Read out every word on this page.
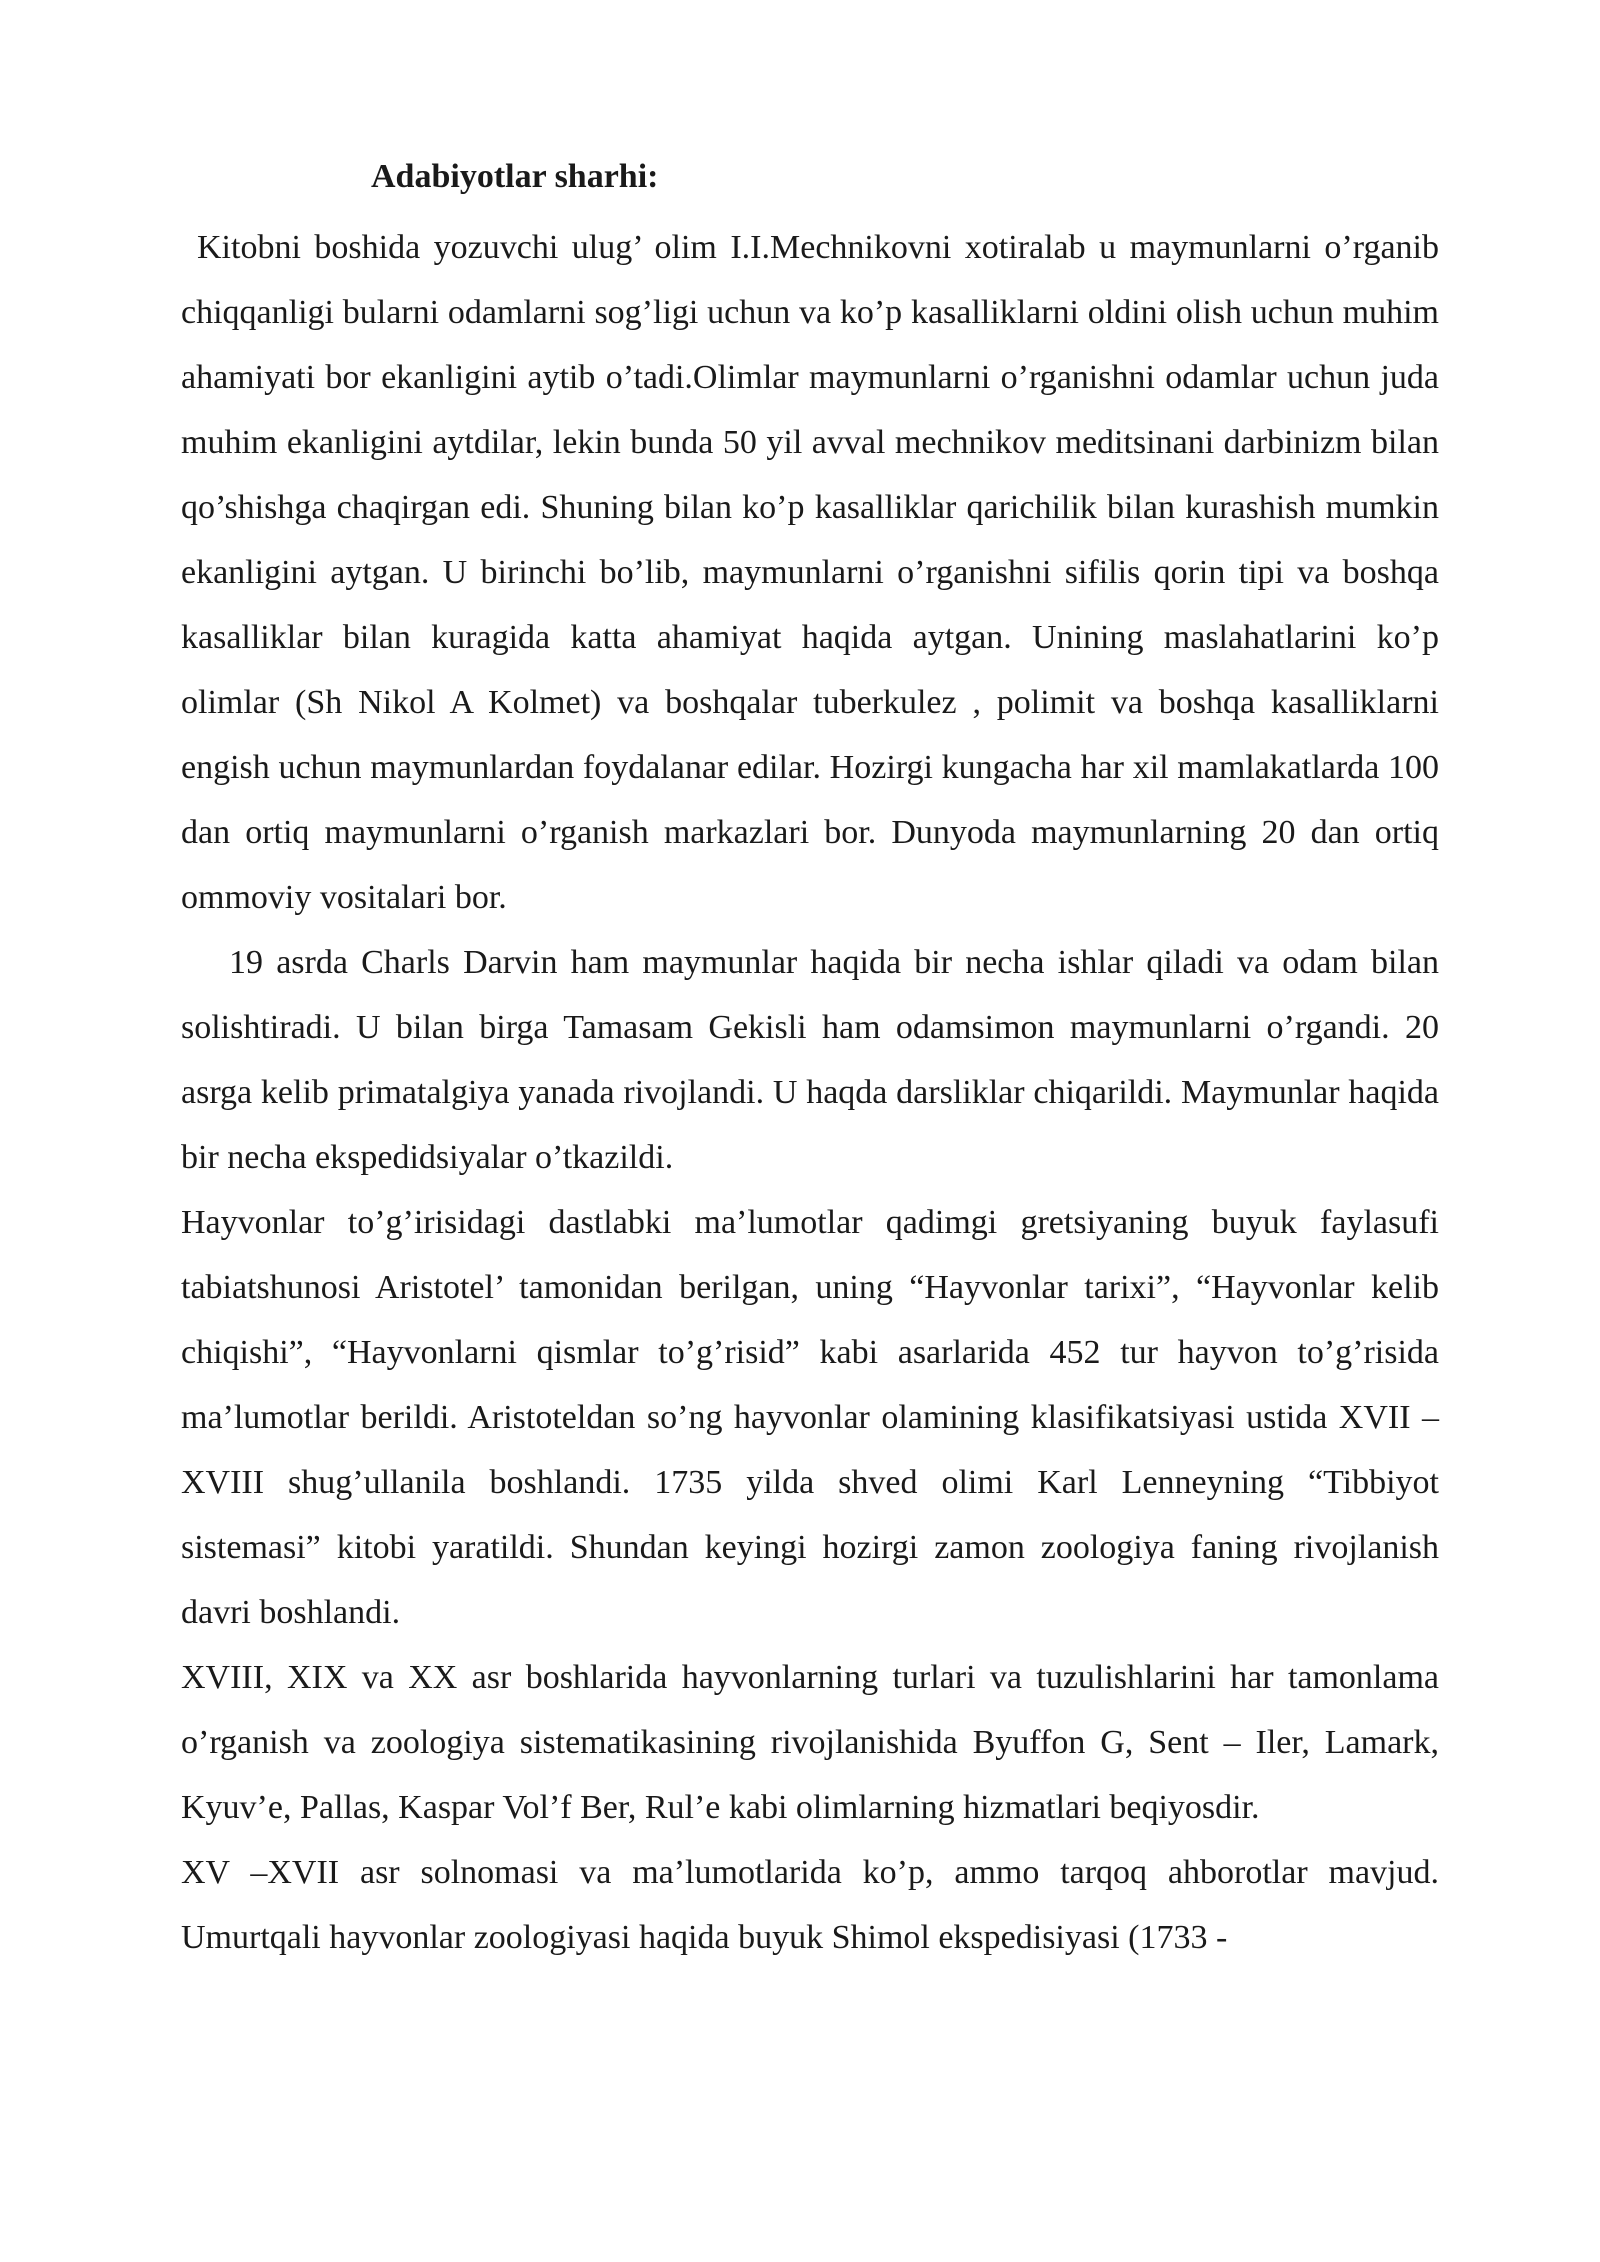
Adabiyotlar sharhi:

Kitobni boshida yozuvchi ulug’ olim I.I.Mechnikovni xotiralab u maymunlarni o’rganib chiqqanligi bularni odamlarni sog’ligi uchun va ko’p kasalliklarni oldini olish uchun muhim ahamiyati bor ekanligini aytib o’tadi.Olimlar maymunlarni o’rganishni odamlar uchun juda muhim ekanligini aytdilar, lekin bunda 50 yil avval mechnikov meditsinani darbinizm bilan qo’shishga chaqirgan edi. Shuning bilan ko’p kasalliklar qarichilik bilan kurashish mumkin ekanligini aytgan. U birinchi bo’lib, maymunlarni o’rganishni sifilis qorin tipi va boshqa kasalliklar bilan kuragida katta ahamiyat haqida aytgan. Unining maslahatlarini ko’p olimlar (Sh Nikol A Kolmet) va boshqalar tuberkulez , polimit va boshqa kasalliklarni engish uchun maymunlardan foydalanar edilar. Hozirgi kungacha har xil mamlakatlarda 100 dan ortiq maymunlarni o’rganish markazlari bor. Dunyoda maymunlarning 20 dan ortiq ommoviy vositalari bor.

19 asrda Charls Darvin ham maymunlar haqida bir necha ishlar qiladi va odam bilan solishtiradi. U bilan birga Tamasam Gekisli ham odamsimon maymunlarni o’rgandi. 20 asrga kelib primatalgiya yanada rivojlandi. U haqda darsliklar chiqarildi. Maymunlar haqida bir necha ekspedidsiyalar o’tkazildi.

Hayvonlar to’g’irisidagi dastlabki ma’lumotlar qadimgi gretsiyaning buyuk faylasufi tabiatshunosi Aristotel’ tamonidan berilgan, uning “Hayvonlar tarixi”, “Hayvonlar kelib chiqishi”, “Hayvonlarni qismlar to’g’risid” kabi asarlarida 452 tur hayvon to’g’risida ma’lumotlar berildi. Aristoteldan so’ng hayvonlar olamining klasifikatsiyasi ustida XVII – XVIII shug’ullanila boshlandi. 1735 yilda shved olimi Karl Lenneyning “Tibbiyot sistemasi” kitobi yaratildi. Shundan keyingi hozirgi zamon zoologiya faning rivojlanish davri boshlandi.

XVIII, XIX va XX asr boshlarida hayvonlarning turlari va tuzulishlarini har tamonlama o’rganish va zoologiya sistematikasining rivojlanishida Byuffon G, Sent – Iler, Lamark, Kyuv’e, Pallas, Kaspar Vol’f Ber, Rul’e kabi olimlarning hizmatlari beqiyosdir.

XV –XVII asr solnomasi va ma’lumotlarida ko’p, ammo tarqoq ahborotlar mavjud. Umurtqali hayvonlar zoologiyasi haqida buyuk Shimol ekspedisiyasi (1733 -
